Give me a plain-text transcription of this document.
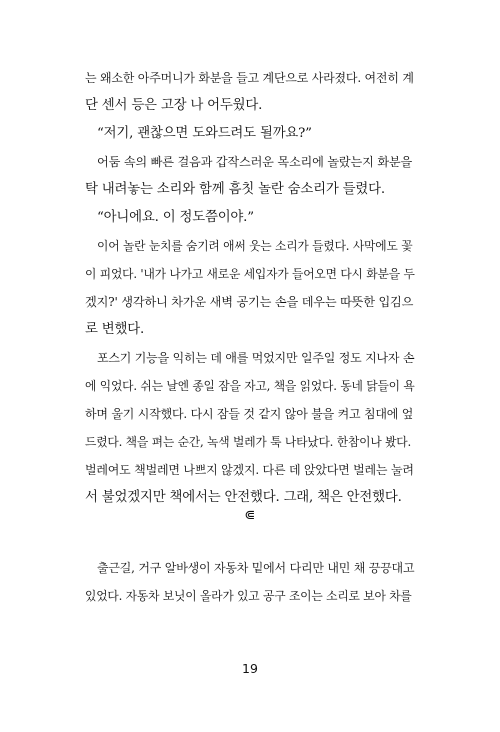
는 왜소한 아주머니가 화분을 들고 계단으로 사라졌다. 여전히 계
단 센서 등은 고장 나 어두웠다.
“저기, 괜찮으면 도와드려도 될까요?”
어둠 속의 빠른 걸음과 갑작스러운 목소리에 놀랐는지 화분을
탁 내려놓는 소리와 함께 흠칫 놀란 숨소리가 들렸다.
“아니에요. 이 정도쯤이야.”
이어 놀란 눈치를 숨기려 애써 웃는 소리가 들렸다. 사막에도 꽃
이 피었다. '내가 나가고 새로운 세입자가 들어오면 다시 화분을 두
겠지?' 생각하니 차가운 새벽 공기는 손을 데우는 따뜻한 입김으
로 변했다.
포스기 기능을 익히는 데 애를 먹었지만 일주일 정도 지나자 손
에 익었다. 쉬는 날엔 종일 잠을 자고, 책을 읽었다. 동네 닭들이 욕
하며 울기 시작했다. 다시 잠들 것 같지 않아 불을 켜고 침대에 엎
드렸다. 책을 펴는 순간, 녹색 벌레가 툭 나타났다. 한참이나 봤다.
벌레여도 책벌레면 나쁘지 않겠지. 다른 데 앉았다면 벌레는 눌려
서 불었겠지만 책에서는 안전했다. 그래, 책은 안전했다.
⋐
출근길, 거구 알바생이 자동차 밑에서 다리만 내민 채 끙끙대고
있었다. 자동차 보닛이 올라가 있고 공구 조이는 소리로 보아 차를
19
